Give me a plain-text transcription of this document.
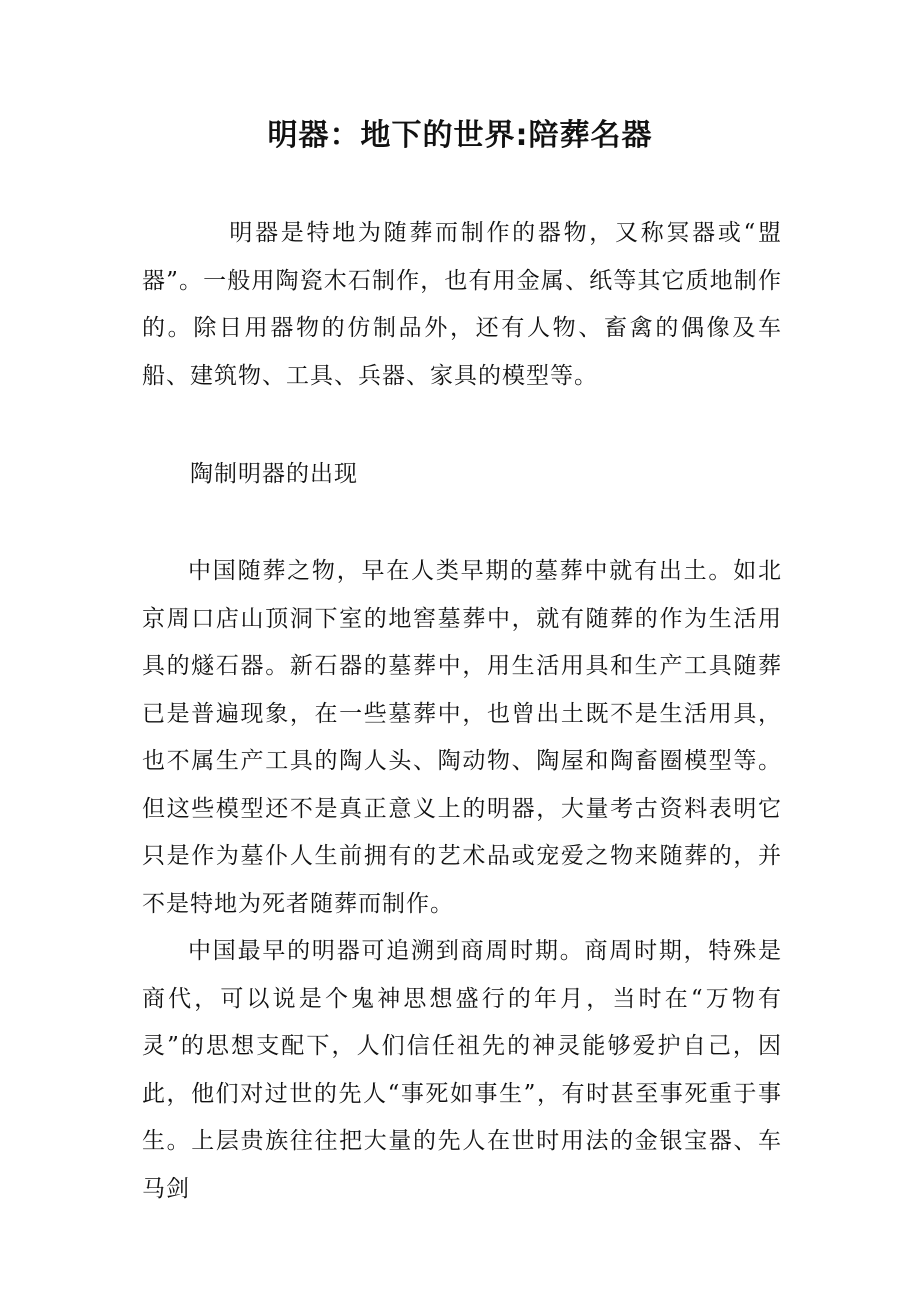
明器：地下的世界:陪葬名器

明器是特地为随葬而制作的器物，又称冥器或“盟器”。一般用陶瓷木石制作，也有用金属、纸等其它质地制作的。除日用器物的仿制品外，还有人物、畜禽的偶像及车船、建筑物、工具、兵器、家具的模型等。

陶制明器的出现

中国随葬之物，早在人类早期的墓葬中就有出土。如北京周口店山顶洞下室的地窖墓葬中，就有随葬的作为生活用具的燧石器。新石器的墓葬中，用生活用具和生产工具随葬已是普遍现象，在一些墓葬中，也曾出土既不是生活用具，也不属生产工具的陶人头、陶动物、陶屋和陶畜圈模型等。但这些模型还不是真正意义上的明器，大量考古资料表明它只是作为墓仆人生前拥有的艺术品或宠爱之物来随葬的，并不是特地为死者随葬而制作。

中国最早的明器可追溯到商周时期。商周时期，特殊是商代，可以说是个鬼神思想盛行的年月，当时在“万物有灵”的思想支配下，人们信任祖先的神灵能够爱护自己，因此，他们对过世的先人“事死如事生”，有时甚至事死重于事生。上层贵族往往把大量的先人在世时用法的金银宝器、车马剑
